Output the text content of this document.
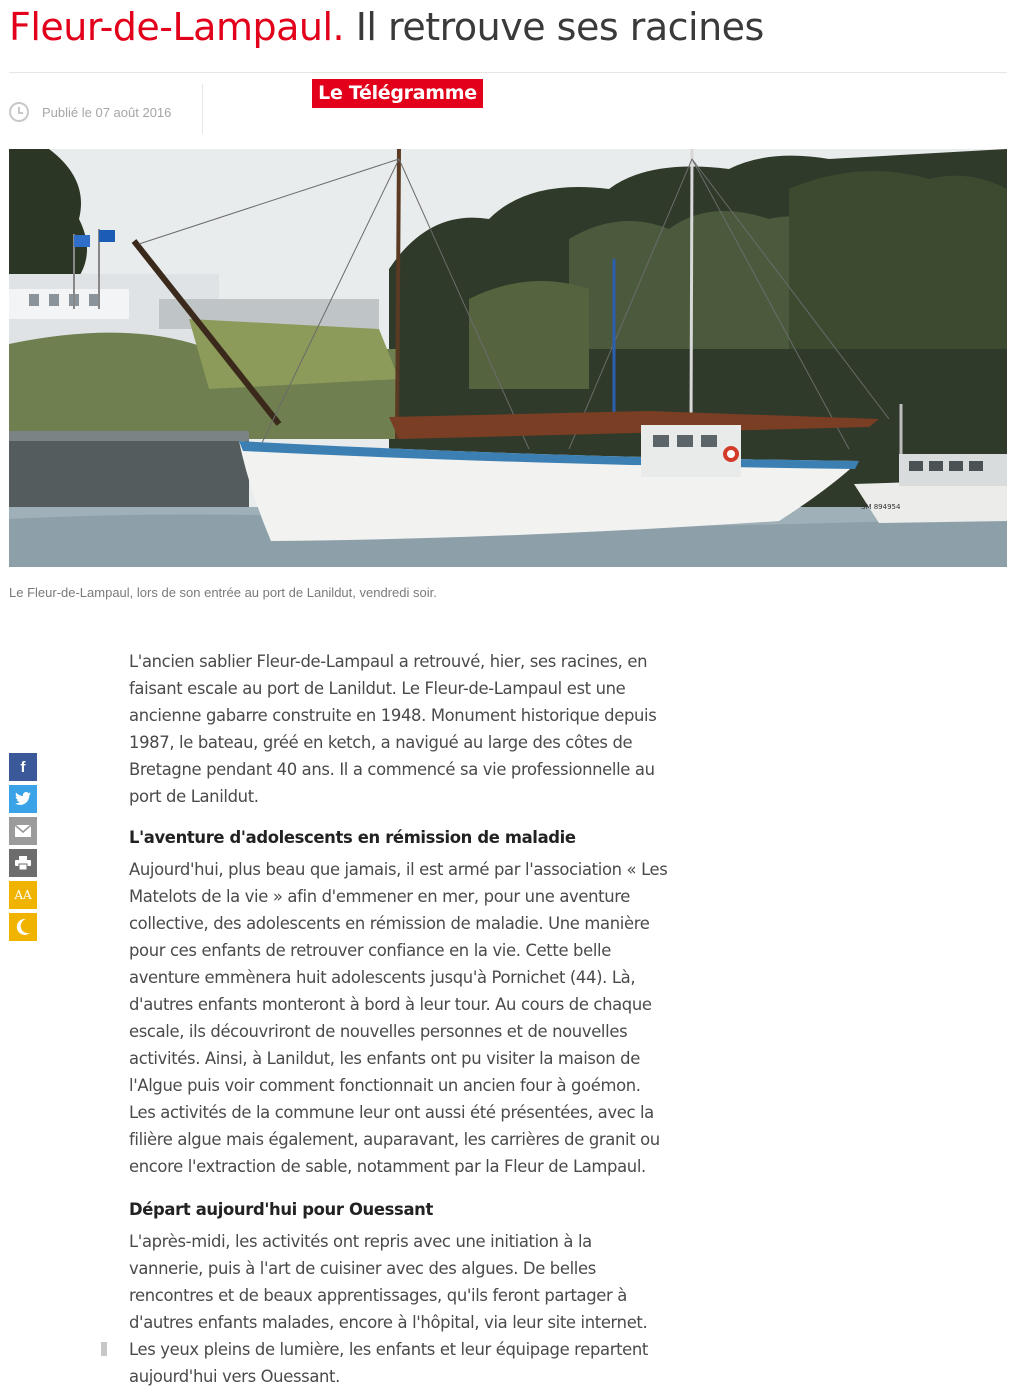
Fleur-de-Lampaul. Il retrouve ses racines
Publié le 07 août 2016
Le Télégramme
SM 894954
Le Fleur-de-Lampaul, lors de son entrée au port de Lanildut, vendredi soir.
f
AA

L'ancien sablier Fleur-de-Lampaul a retrouvé, hier, ses racines, en faisant escale au port de Lanildut. Le Fleur-de-Lampaul est une ancienne gabarre construite en 1948. Monument historique depuis 1987, le bateau, gréé en ketch, a navigué au large des côtes de Bretagne pendant 40 ans. Il a commencé sa vie professionnelle au port de Lanildut.

L'aventure d'adolescents en rémission de maladie

Aujourd'hui, plus beau que jamais, il est armé par l'association « Les Matelots de la vie » afin d'emmener en mer, pour une aventure collective, des adolescents en rémission de maladie. Une manière pour ces enfants de retrouver confiance en la vie. Cette belle aventure emmènera huit adolescents jusqu'à Pornichet (44). Là, d'autres enfants monteront à bord à leur tour. Au cours de chaque escale, ils découvriront de nouvelles personnes et de nouvelles activités. Ainsi, à Lanildut, les enfants ont pu visiter la maison de l'Algue puis voir comment fonctionnait un ancien four à goémon. Les activités de la commune leur ont aussi été présentées, avec la filière algue mais également, auparavant, les carrières de granit ou encore l'extraction de sable, notamment par la Fleur de Lampaul.

Départ aujourd'hui pour Ouessant

L'après-midi, les activités ont repris avec une initiation à la vannerie, puis à l'art de cuisiner avec des algues. De belles rencontres et de beaux apprentissages, qu'ils feront partager à d'autres enfants malades, encore à l'hôpital, via leur site internet. Les yeux pleins de lumière, les enfants et leur équipage repartent aujourd'hui vers Ouessant.
